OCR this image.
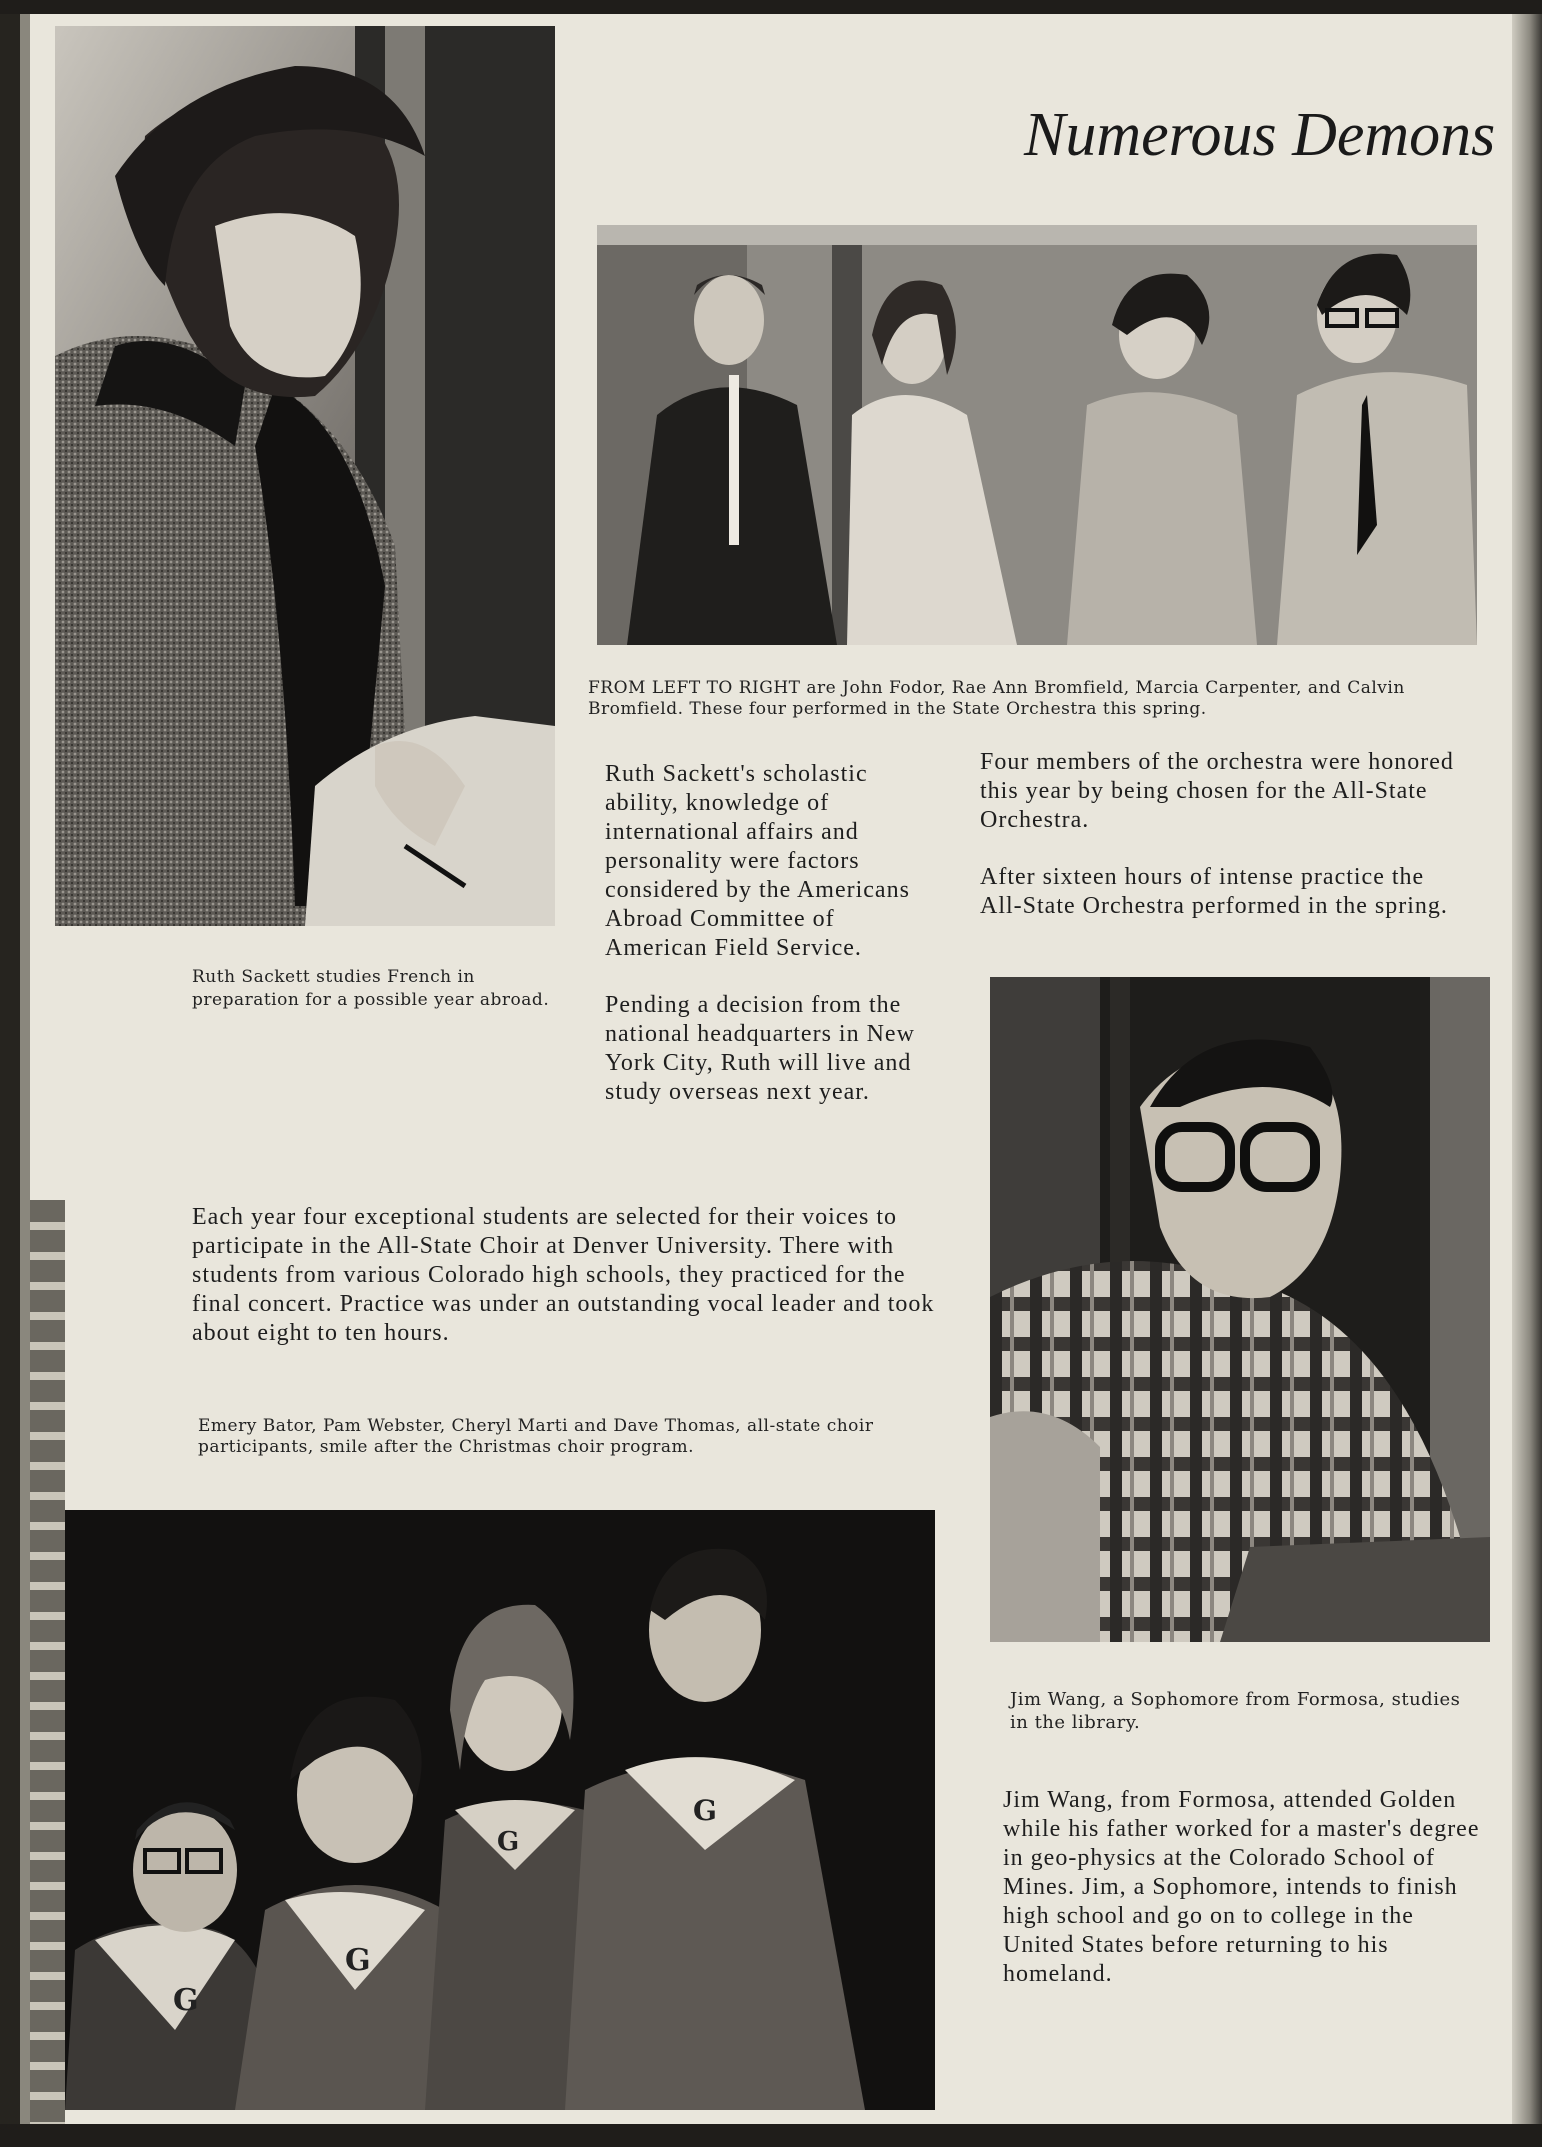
Numerous Demons
FROM LEFT TO RIGHT are John Fodor, Rae Ann Bromfield, Marcia Carpenter, and Calvin Bromfield. These four performed in the State Orchestra this spring.
Ruth Sackett studies French in preparation for a possible year abroad.

Ruth Sackett's scholastic ability, knowledge of international affairs and personality were factors considered by the Americans Abroad Committee of American Field Service.

Pending a decision from the national headquarters in New York City, Ruth will live and study overseas next year.

Four members of the orchestra were honored this year by being chosen for the All-State Orchestra.

After sixteen hours of intense practice the All-State Orchestra performed in the spring.

Each year four exceptional students are selected for their voices to participate in the All-State Choir at Denver University. There with students from various Colorado high schools, they practiced for the final concert. Practice was under an outstanding vocal leader and took about eight to ten hours.
Emery Bator, Pam Webster, Cheryl Marti and Dave Thomas, all-state choir participants, smile after the Christmas choir program.
G
G
G
G
Jim Wang, a Sophomore from Formosa, studies in the library.
Jim Wang, from Formosa, attended Golden while his father worked for a master's degree in geo-physics at the Colorado School of Mines. Jim, a Sophomore, intends to finish high school and go on to college in the United States before returning to his homeland.
